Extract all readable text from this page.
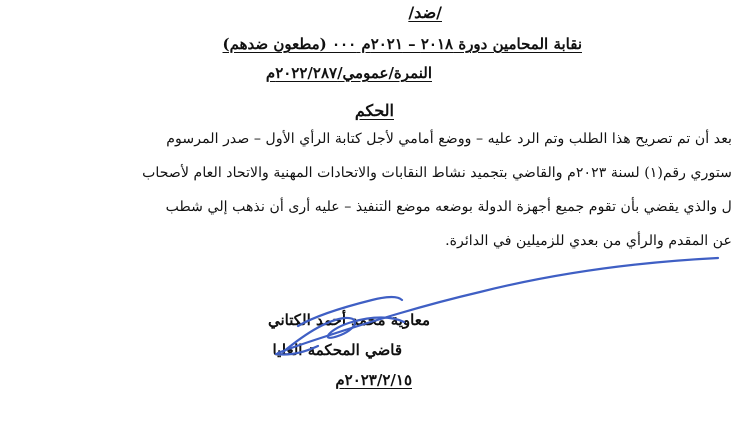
/ضد/
نقابة المحامين دورة ٢٠١٨ – ٢٠٢١م ٠٠٠ (مطعون ضدهم)
النمرة/عمومي/٢٠٢٢/٢٨٧م
الحكم
بعد أن تم تصريح هذا الطلب وتم الرد عليه – ووضع أمامي لأجل كتابة الرأي الأول – صدر المرسوم
ستوري رقم(١) لسنة ٢٠٢٣م والقاضي بتجميد نشاط النقابات والاتحادات المهنية والاتحاد العام لأصحاب
ل والذي يقضي بأن تقوم جميع أجهزة الدولة بوضعه موضع التنفيذ – عليه أرى أن نذهب إلي شطب
عن المقدم والرأي من بعدي للزميلين في الدائرة.
معاوية محمد أحمد الكتاني
قاضي المحكمة العليا
٢٠٢٣/٢/١٥م
